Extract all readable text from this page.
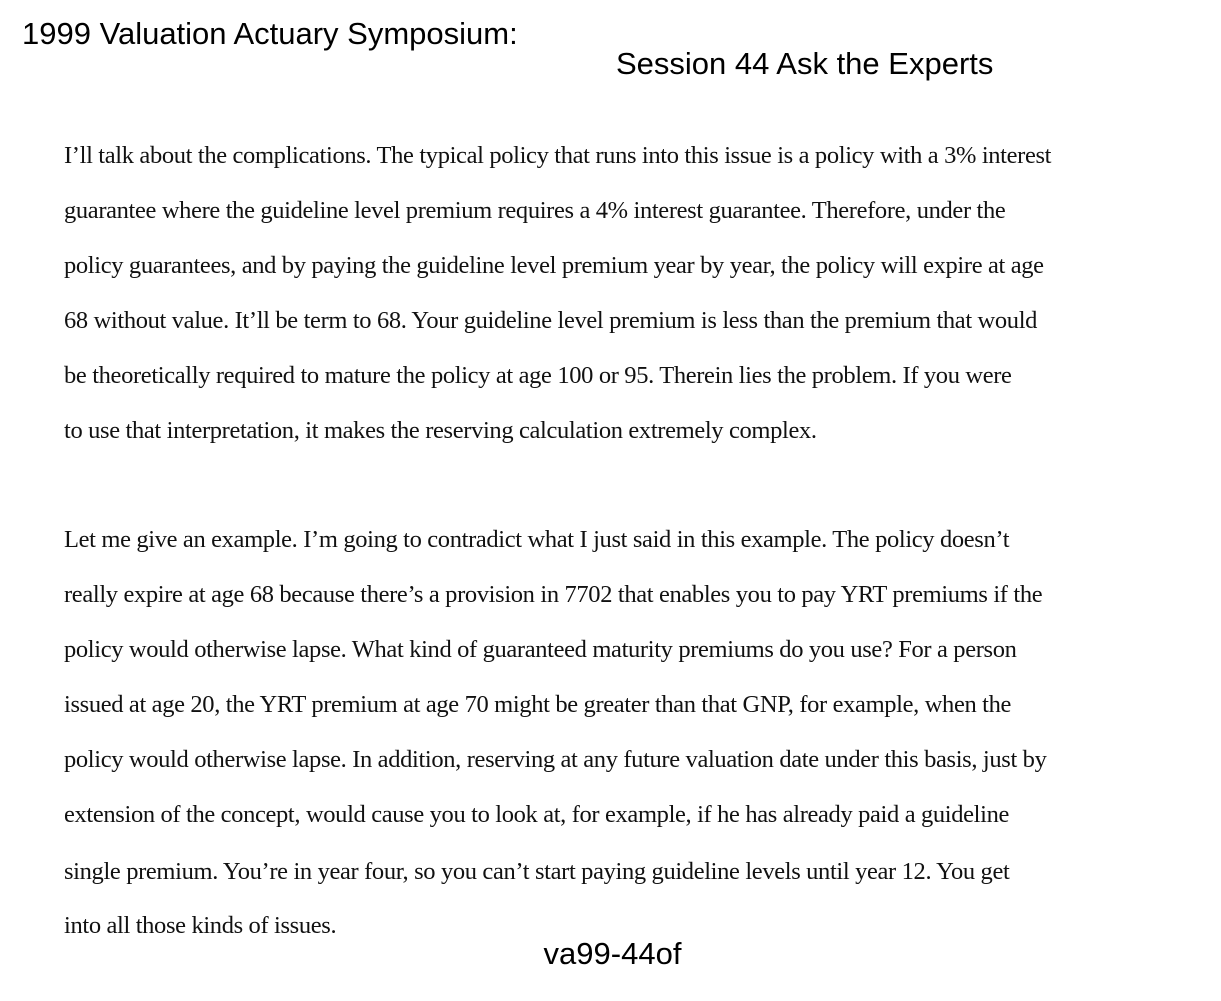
1999 Valuation Actuary Symposium:
Session 44 Ask the Experts
I’ll talk about the complications. The typical policy that runs into this issue is a policy with a 3% interest
guarantee where the guideline level premium requires a 4% interest guarantee. Therefore, under the
policy guarantees, and by paying the guideline level premium year by year, the policy will expire at age
68 without value. It’ll be term to 68. Your guideline level premium is less than the premium that would
be theoretically required to mature the policy at age 100 or 95. Therein lies the problem. If you were
to use that interpretation, it makes the reserving calculation extremely complex.
Let me give an example. I’m going to contradict what I just said in this example. The policy doesn’t
really expire at age 68 because there’s a provision in 7702 that enables you to pay YRT premiums if the
policy would otherwise lapse. What kind of guaranteed maturity premiums do you use? For a person
issued at age 20, the YRT premium at age 70 might be greater than that GNP, for example, when the
policy would otherwise lapse. In addition, reserving at any future valuation date under this basis, just by
extension of the concept, would cause you to look at, for example, if he has already paid a guideline
single premium. You’re in year four, so you can’t start paying guideline levels until year 12. You get
into all those kinds of issues.
va99-44of
